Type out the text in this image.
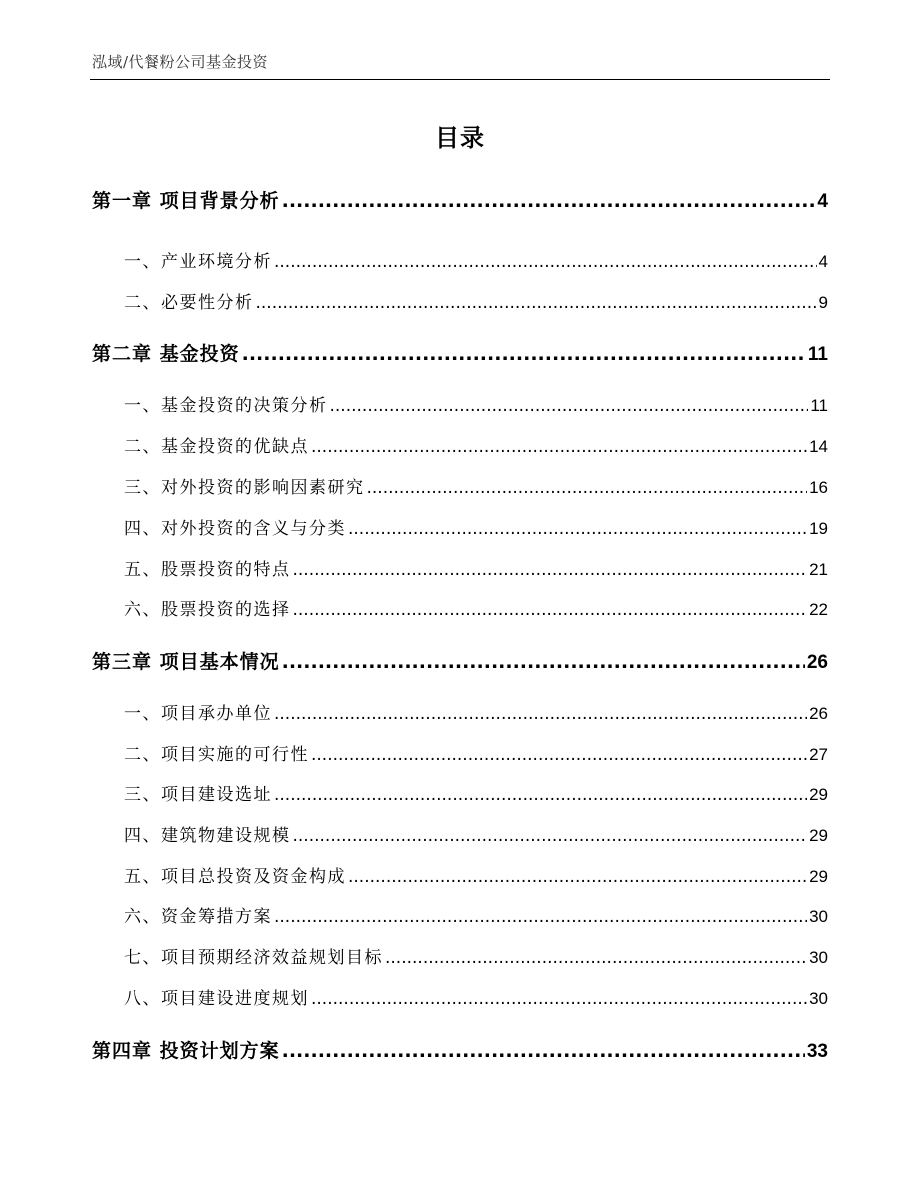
泓域/代餐粉公司基金投资
目录
第一章 项目背景分析 .....	4
一、 产业环境分析 .....	4
二、 必要性分析 .....	9
第二章 基金投资 .....	11
一、 基金投资的决策分析 .....	11
二、 基金投资的优缺点 .....	14
三、 对外投资的影响因素研究 .....	16
四、 对外投资的含义与分类 .....	19
五、 股票投资的特点 .....	21
六、 股票投资的选择 .....	22
第三章 项目基本情况 .....	26
一、 项目承办单位 .....	26
二、 项目实施的可行性 .....	27
三、 项目建设选址 .....	29
四、 建筑物建设规模 .....	29
五、 项目总投资及资金构成 .....	29
六、 资金筹措方案 .....	30
七、 项目预期经济效益规划目标 .....	30
八、 项目建设进度规划 .....	30
第四章 投资计划方案 .....	33
